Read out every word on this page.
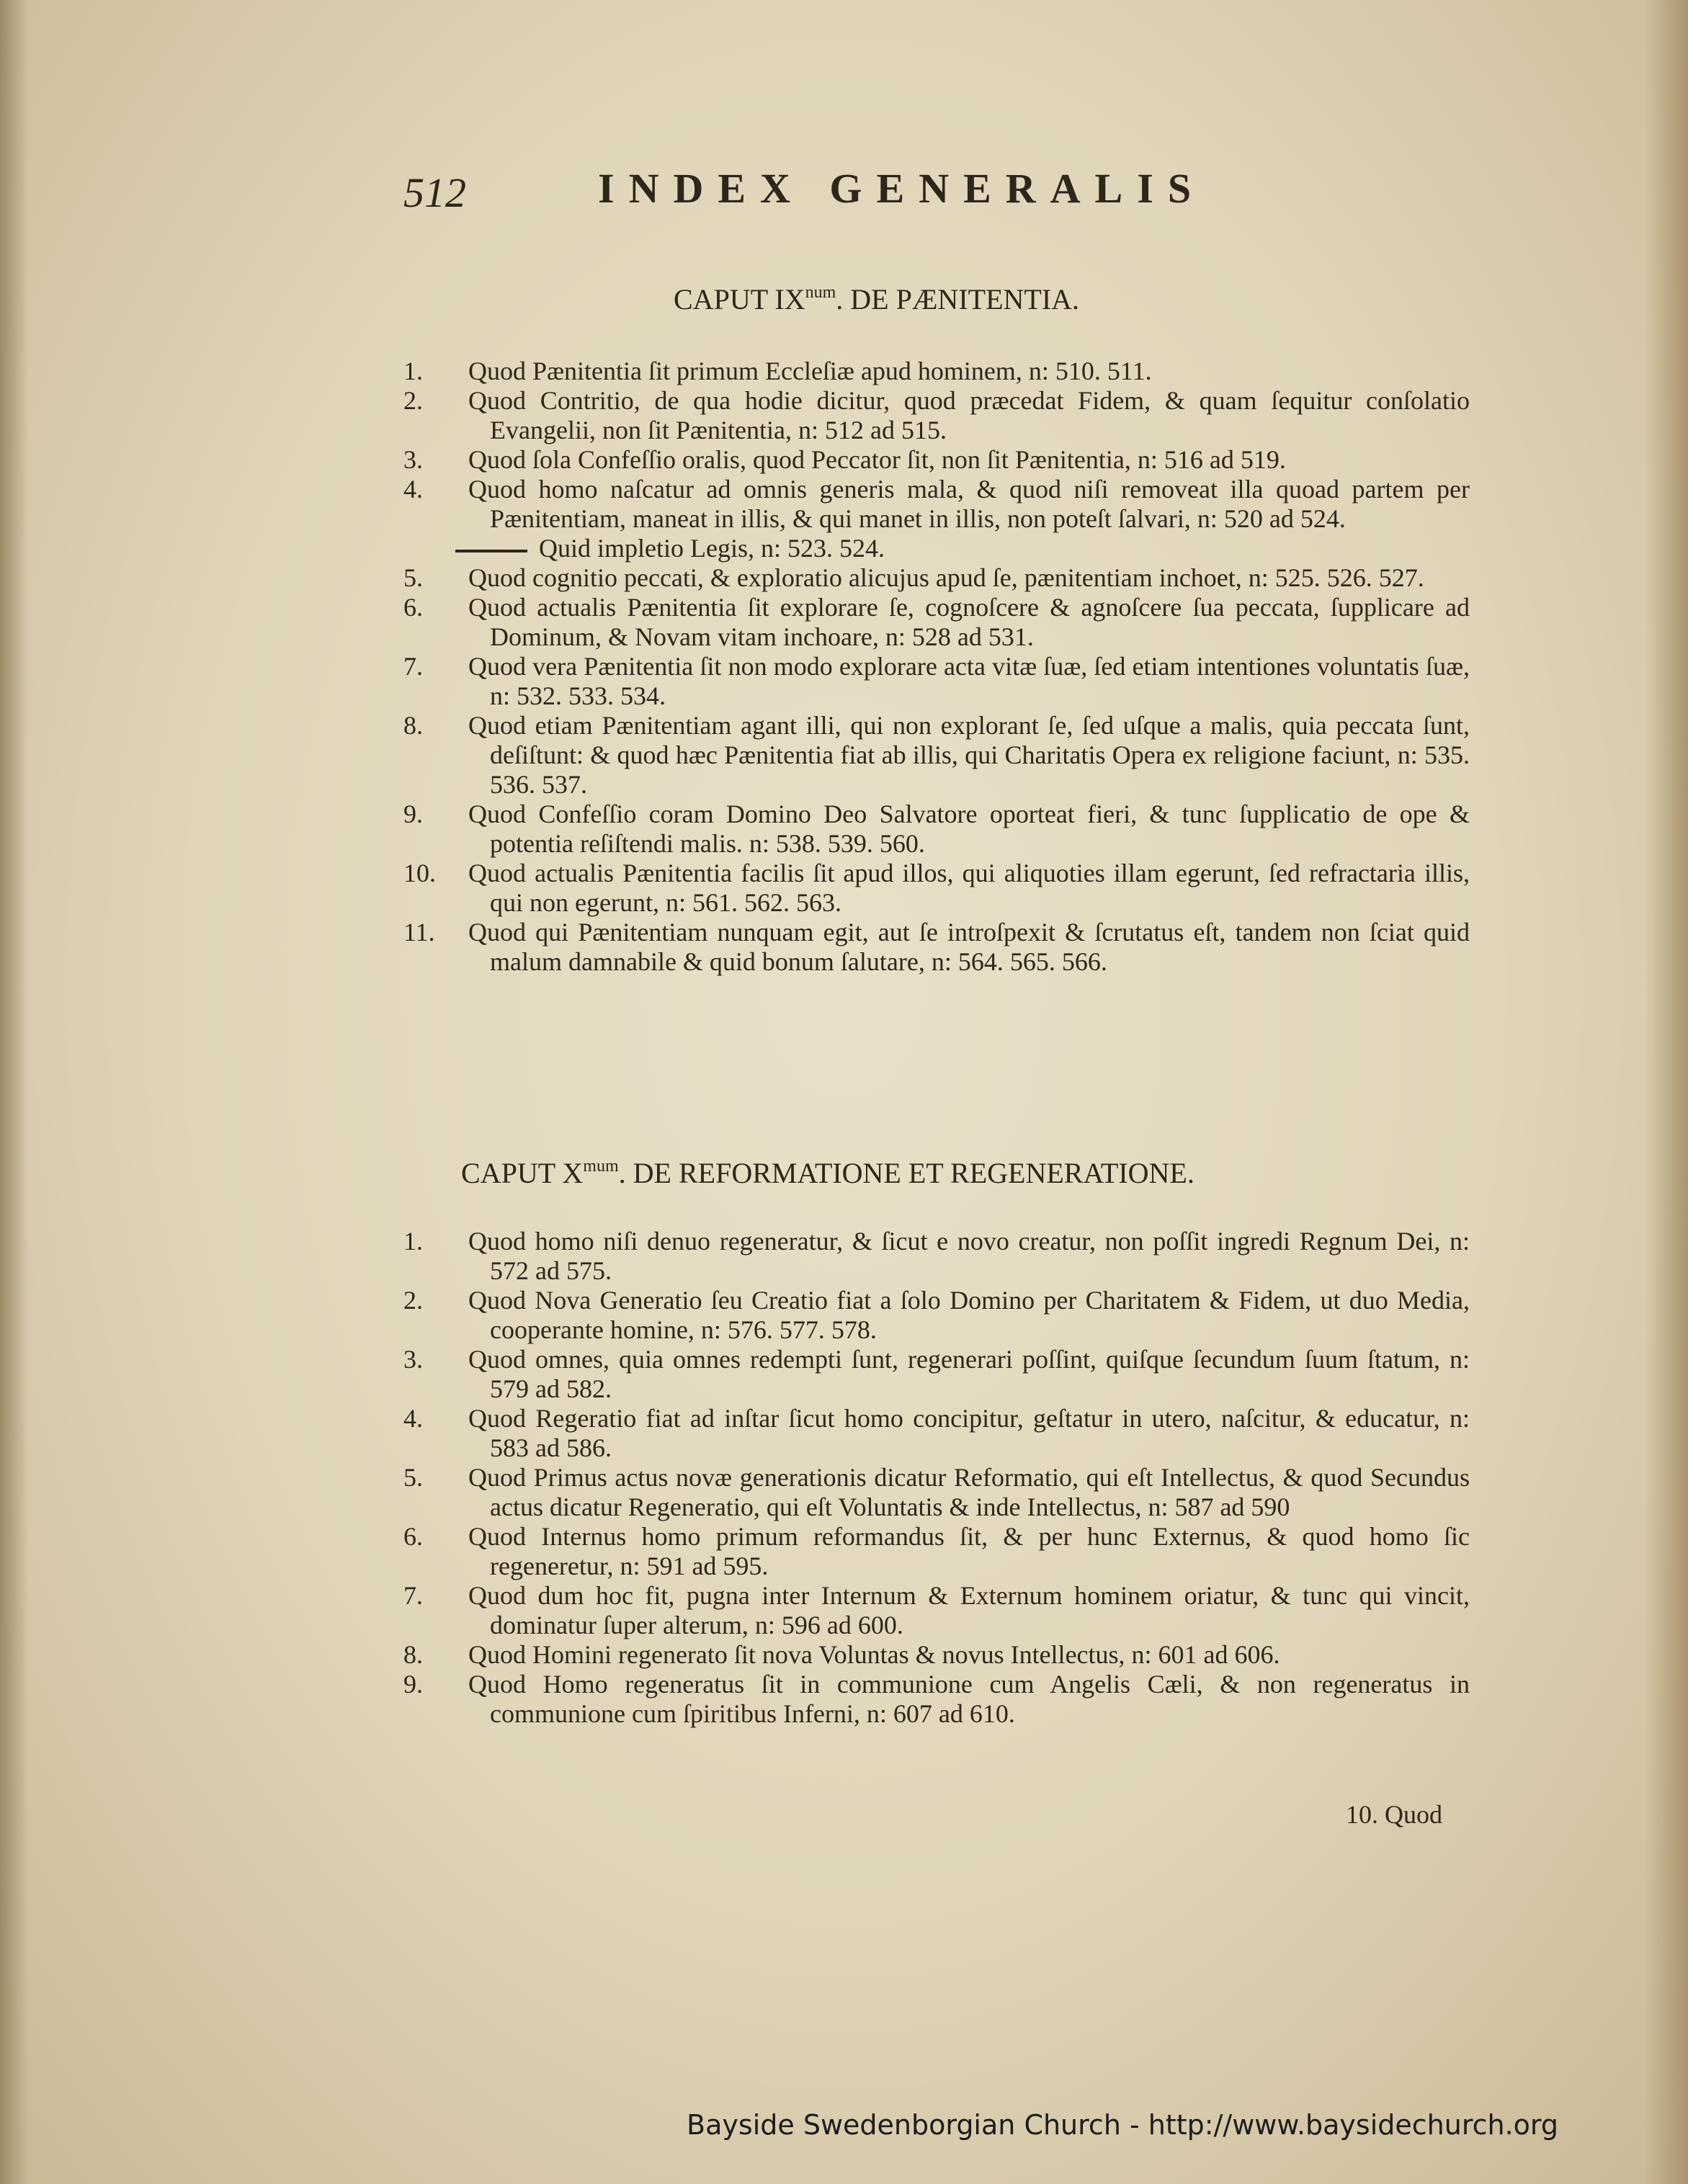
512	INDEX GENERALIS
CAPUT $IX^{num}$. DE PÆNITENTIA.
1.	Quod Pænitentia ſit primum Eccleſiæ apud hominem, n: 510. 511.
2.	Quod Contritio, de qua hodie dicitur, quod præcedat Fidem, & quam ſequitur conſolatio Evangelii, non ſit Pænitentia, n: 512 ad 515.
3.	Quod ſola Confeſſio oralis, quod Peccator ſit, non ſit Pænitentia, n: 516 ad 519.
4.	Quod homo naſcatur ad omnis generis mala, & quod niſi removeat illa quoad partem per Pænitentiam, maneat in illis, & qui manet in illis, non poteſt ſalvari, n: 520 ad 524.
Quid impletio Legis, n: 523. 524.
5.	Quod cognitio peccati, & exploratio alicujus apud ſe, pænitentiam inchoet, n: 525. 526. 527.
6.	Quod actualis Pænitentia ſit explorare ſe, cognoſcere & agnoſcere ſua peccata, ſupplicare ad Dominum, & Novam vitam inchoare, n: 528 ad 531.
7.	Quod vera Pænitentia ſit non modo explorare acta vitæ ſuæ, ſed etiam intentiones voluntatis ſuæ, n: 532. 533. 534.
8.	Quod etiam Pænitentiam agant illi, qui non explorant ſe, ſed uſque a malis, quia peccata ſunt, deſiſtunt: & quod hæc Pænitentia fiat ab illis, qui Charitatis Opera ex religione faciunt, n: 535. 536. 537.
9.	Quod Confeſſio coram Domino Deo Salvatore oporteat fieri, & tunc ſupplicatio de ope & potentia reſiſtendi malis. n: 538. 539. 560.
10.	Quod actualis Pænitentia facilis ſit apud illos, qui aliquoties illam egerunt, ſed refractaria illis, qui non egerunt, n: 561. 562. 563.
11.	Quod qui Pænitentiam nunquam egit, aut ſe introſpexit & ſcrutatus eſt, tandem non ſciat quid malum damnabile & quid bonum ſalutare, n: 564. 565. 566.
CAPUT $X^{mum}$. DE REFORMATIONE ET REGENERATIONE.
1.	Quod homo niſi denuo regeneratur, & ſicut e novo creatur, non poſſit ingredi Regnum Dei, n: 572 ad 575.
2.	Quod Nova Generatio ſeu Creatio fiat a ſolo Domino per Charitatem & Fidem, ut duo Media, cooperante homine, n: 576. 577. 578.
3.	Quod omnes, quia omnes redempti ſunt, regenerari poſſint, quiſque ſecundum ſuum ſtatum, n: 579 ad 582.
4.	Quod Regeratio fiat ad inſtar ſicut homo concipitur, geſtatur in utero, naſcitur, & educatur, n: 583 ad 586.
5.	Quod Primus actus novæ generationis dicatur Reformatio, qui eſt Intellectus, & quod Secundus actus dicatur Regeneratio, qui eſt Voluntatis & inde Intellectus, n: 587 ad 590
6.	Quod Internus homo primum reformandus ſit, & per hunc Externus, & quod homo ſic regeneretur, n: 591 ad 595.
7.	Quod dum hoc fit, pugna inter Internum & Externum hominem oriatur, & tunc qui vincit, dominatur ſuper alterum, n: 596 ad 600.
8.	Quod Homini regenerato ſit nova Voluntas & novus Intellectus, n: 601 ad 606.
9.	Quod Homo regeneratus ſit in communione cum Angelis Cæli, & non regeneratus in communione cum ſpiritibus Inferni, n: 607 ad 610.
10. Quod
Bayside Swedenborgian Church - http://www.baysidechurch.org
